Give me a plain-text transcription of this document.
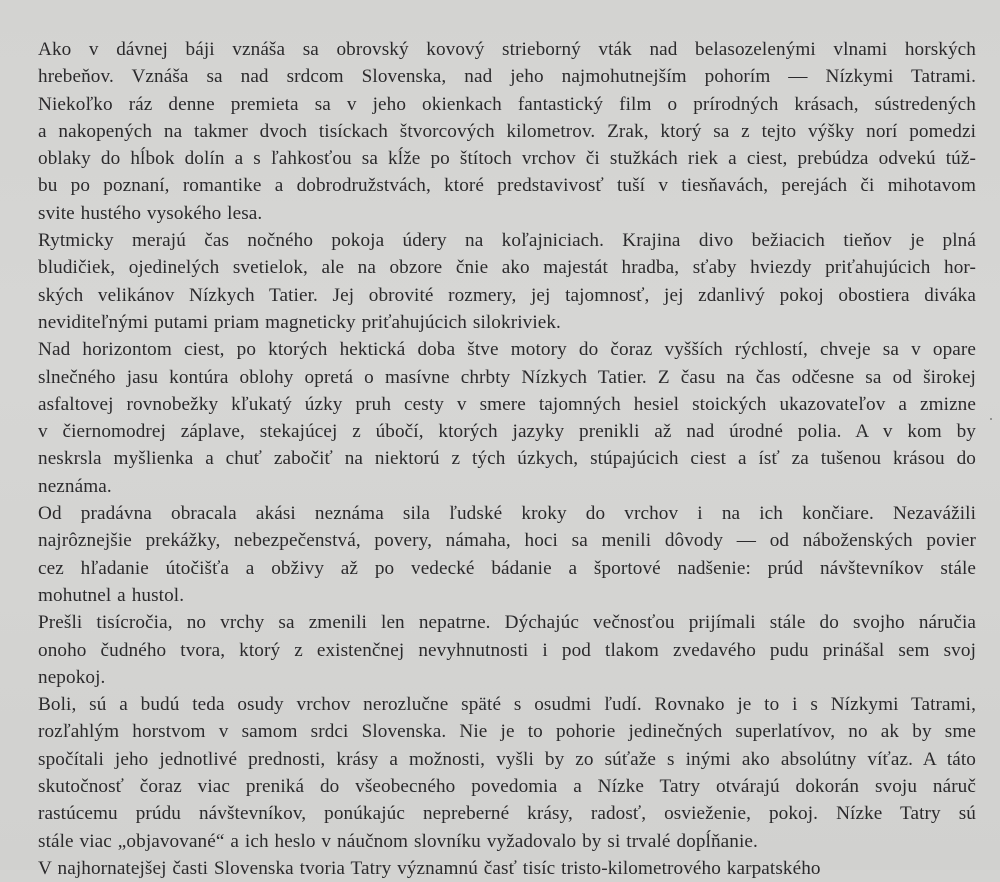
Ako v dávnej báji vznáša sa obrovský kovový strieborný vták nad belasozelenými vlnami horských
hrebeňov. Vznáša sa nad srdcom Slovenska, nad jeho najmohutnejším pohorím — Nízkymi Tatrami.
Niekoľko ráz denne premieta sa v jeho okienkach fantastický film o prírodných krásach, sústredených
a nakopených na takmer dvoch tisíckach štvorcových kilometrov. Zrak, ktorý sa z tejto výšky norí pomedzi
oblaky do hĺbok dolín a s ľahkosťou sa kĺže po štítoch vrchov či stužkách riek a ciest, prebúdza odvekú túž-
bu po poznaní, romantike a dobrodružstvách, ktoré predstavivosť tuší v tiesňavách, perejách či mihotavom
svite hustého vysokého lesa.

Rytmicky merajú čas nočného pokoja údery na koľajniciach. Krajina divo bežiacich tieňov je plná
bludičiek, ojedinelých svetielok, ale na obzore čnie ako majestát hradba, sťaby hviezdy priťahujúcich hor-
ských velikánov Nízkych Tatier. Jej obrovité rozmery, jej tajomnosť, jej zdanlivý pokoj obostiera diváka
neviditeľnými putami priam magneticky priťahujúcich silokriviek.

Nad horizontom ciest, po ktorých hektická doba štve motory do čoraz vyšších rýchlostí, chveje sa v opare
slnečného jasu kontúra oblohy opretá o masívne chrbty Nízkych Tatier. Z času na čas odčesne sa od širokej
asfaltovej rovnobežky kľukatý úzky pruh cesty v smere tajomných hesiel stoických ukazovateľov a zmizne
v čiernomodrej záplave, stekajúcej z úbočí, ktorých jazyky prenikli až nad úrodné polia. A v kom by
neskrsla myšlienka a chuť zabočiť na niektorú z tých úzkych, stúpajúcich ciest a ísť za tušenou krásou do
neznáma.

Od pradávna obracala akási neznáma sila ľudské kroky do vrchov i na ich končiare. Nezavážili
najrôznejšie prekážky, nebezpečenstvá, povery, námaha, hoci sa menili dôvody — od náboženských povier
cez hľadanie útočišťa a obživy až po vedecké bádanie a športové nadšenie: prúd návštevníkov stále
mohutnel a hustol.

Prešli tisícročia, no vrchy sa zmenili len nepatrne. Dýchajúc večnosťou prijímali stále do svojho náručia
onoho čudného tvora, ktorý z existenčnej nevyhnutnosti i pod tlakom zvedavého pudu prinášal sem svoj
nepokoj.

Boli, sú a budú teda osudy vrchov nerozlučne späté s osudmi ľudí. Rovnako je to i s Nízkymi Tatrami,
rozľahlým horstvom v samom srdci Slovenska. Nie je to pohorie jedinečných superlatívov, no ak by sme
spočítali jeho jednotlivé prednosti, krásy a možnosti, vyšli by zo súťaže s inými ako absolútny víťaz. A táto
skutočnosť čoraz viac preniká do všeobecného povedomia a Nízke Tatry otvárajú dokorán svoju náruč
rastúcemu prúdu návštevníkov, ponúkajúc nepreberné krásy, radosť, osvieženie, pokoj. Nízke Tatry sú
stále viac „objavované“ a ich heslo v náučnom slovníku vyžadovalo by si trvalé dopĺňanie.

V najhornatejšej časti Slovenska tvoria Tatry významnú časť tisíc tristo-kilometrového karpatského
